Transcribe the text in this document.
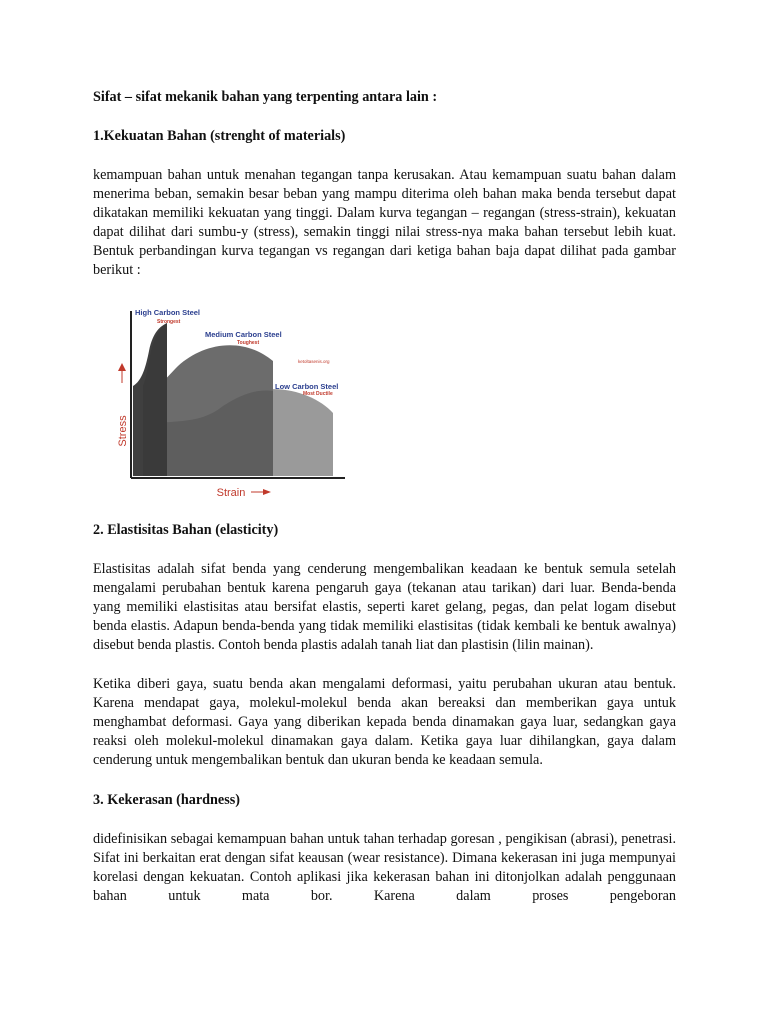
Sifat – sifat mekanik bahan yang terpenting antara lain :

1.Kekuatan Bahan (strenght of materials)

kemampuan bahan untuk menahan tegangan tanpa kerusakan. Atau kemampuan suatu bahan dalam menerima beban, semakin besar beban yang mampu diterima oleh bahan maka benda tersebut dapat dikatakan memiliki kekuatan yang tinggi. Dalam kurva tegangan – regangan (stress-strain), kekuatan dapat dilihat dari sumbu-y (stress), semakin tinggi nilai stress-nya maka bahan tersebut lebih kuat. Bentuk perbandingan kurva tegangan vs regangan dari ketiga bahan baja dapat dilihat pada gambar berikut :

Stress
Strain
High Carbon Steel
Strongest
Medium Carbon Steel
Toughest
Low Carbon Steel
Most Ductile
ketoltasenis.org

2. Elastisitas Bahan (elasticity)

Elastisitas adalah sifat benda yang cenderung mengembalikan keadaan ke bentuk semula setelah mengalami perubahan bentuk karena pengaruh gaya (tekanan atau tarikan) dari luar. Benda-benda yang memiliki elastisitas atau bersifat elastis, seperti karet gelang, pegas, dan pelat logam disebut benda elastis. Adapun benda-benda yang tidak memiliki elastisitas (tidak kembali ke bentuk awalnya) disebut benda plastis. Contoh benda plastis adalah tanah liat dan plastisin (lilin mainan).

Ketika diberi gaya, suatu benda akan mengalami deformasi, yaitu perubahan ukuran atau bentuk. Karena mendapat gaya, molekul-molekul benda akan bereaksi dan memberikan gaya untuk menghambat deformasi. Gaya yang diberikan kepada benda dinamakan gaya luar, sedangkan gaya reaksi oleh molekul-molekul dinamakan gaya dalam. Ketika gaya luar dihilangkan, gaya dalam cenderung untuk mengembalikan bentuk dan ukuran benda ke keadaan semula.

3. Kekerasan (hardness)

didefinisikan sebagai kemampuan bahan untuk tahan terhadap goresan , pengikisan (abrasi), penetrasi. Sifat ini berkaitan erat dengan sifat keausan (wear resistance). Dimana kekerasan ini juga mempunyai korelasi dengan kekuatan. Contoh aplikasi jika kekerasan bahan ini ditonjolkan adalah penggunaan bahan untuk mata bor. Karena dalam proses pengeboran
